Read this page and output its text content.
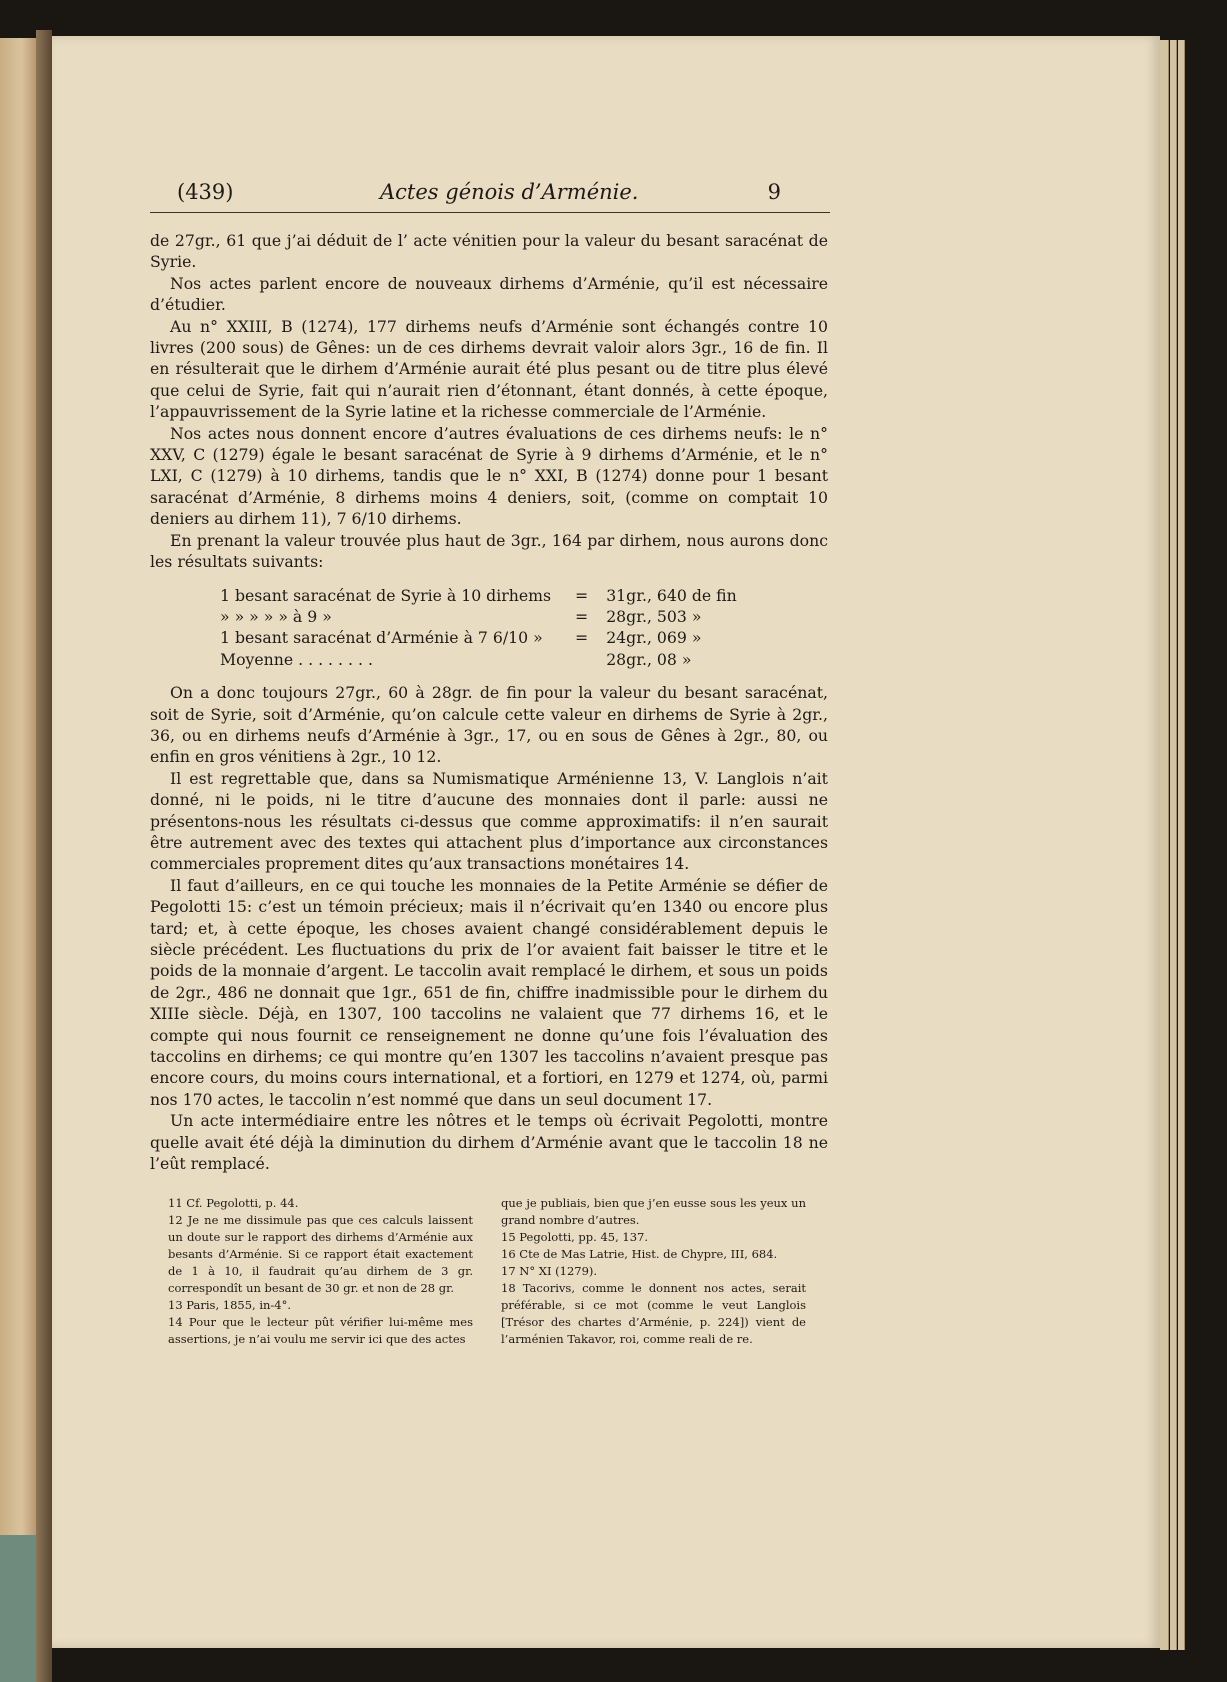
(439)	Actes génois d’Arménie.	9

de 27gr., 61 que j’ai déduit de l’ acte vénitien pour la valeur du besant saracénat de Syrie.

Nos actes parlent encore de nouveaux dirhems d’Arménie, qu’il est nécessaire d’étudier.

Au n° XXIII, B (1274), 177 dirhems neufs d’Arménie sont échangés contre 10 livres (200 sous) de Gênes: un de ces dirhems devrait valoir alors 3gr., 16 de fin. Il en résulterait que le dirhem d’Arménie aurait été plus pesant ou de titre plus élevé que celui de Syrie, fait qui n’aurait rien d’étonnant, étant donnés, à cette époque, l’appauvrissement de la Syrie latine et la richesse commerciale de l’Arménie.

Nos actes nous donnent encore d’autres évaluations de ces dirhems neufs: le n° XXV, C (1279) égale le besant saracénat de Syrie à 9 dirhems d’Arménie, et le n° LXI, C (1279) à 10 dirhems, tandis que le n° XXI, B (1274) donne pour 1 besant saracénat d’Arménie, 8 dirhems moins 4 deniers, soit, (comme on comptait 10 deniers au dirhem 11), 7 6/10 dirhems.

En prenant la valeur trouvée plus haut de 3gr., 164 par dirhem, nous aurons donc les résultats suivants:

1 besant saracénat de Syrie à 10 dirhems	=	31gr., 640 de fin
» » » » » à 9 »	=	28gr., 503 »
1 besant saracénat d’Arménie à 7 6/10 »	=	24gr., 069 »
Moyenne . . . . . . . .		28gr., 08 »

On a donc toujours 27gr., 60 à 28gr. de fin pour la valeur du besant saracénat, soit de Syrie, soit d’Arménie, qu’on calcule cette valeur en dirhems de Syrie à 2gr., 36, ou en dirhems neufs d’Arménie à 3gr., 17, ou en sous de Gênes à 2gr., 80, ou enfin en gros vénitiens à 2gr., 10 12.

Il est regrettable que, dans sa Numismatique Arménienne 13, V. Langlois n’ait donné, ni le poids, ni le titre d’aucune des monnaies dont il parle: aussi ne présentons-nous les résultats ci-dessus que comme approximatifs: il n’en saurait être autrement avec des textes qui attachent plus d’importance aux circonstances commerciales proprement dites qu’aux transactions monétaires 14.

Il faut d’ailleurs, en ce qui touche les monnaies de la Petite Arménie se défier de Pegolotti 15: c’est un témoin précieux; mais il n’écrivait qu’en 1340 ou encore plus tard; et, à cette époque, les choses avaient changé considérablement depuis le siècle précédent. Les fluctuations du prix de l’or avaient fait baisser le titre et le poids de la monnaie d’argent. Le taccolin avait remplacé le dirhem, et sous un poids de 2gr., 486 ne donnait que 1gr., 651 de fin, chiffre inadmissible pour le dirhem du XIIIe siècle. Déjà, en 1307, 100 taccolins ne valaient que 77 dirhems 16, et le compte qui nous fournit ce renseignement ne donne qu’une fois l’évaluation des taccolins en dirhems; ce qui montre qu’en 1307 les taccolins n’avaient presque pas encore cours, du moins cours international, et a fortiori, en 1279 et 1274, où, parmi nos 170 actes, le taccolin n’est nommé que dans un seul document 17.

Un acte intermédiaire entre les nôtres et le temps où écrivait Pegolotti, montre quelle avait été déjà la diminution du dirhem d’Arménie avant que le taccolin 18 ne l’eût remplacé.

11 Cf. Pegolotti, p. 44.

12 Je ne me dissimule pas que ces calculs laissent un doute sur le rapport des dirhems d’Arménie aux besants d’Arménie. Si ce rapport était exactement de 1 à 10, il faudrait qu’au dirhem de 3 gr. correspondît un besant de 30 gr. et non de 28 gr.

13 Paris, 1855, in-4°.

14 Pour que le lecteur pût vérifier lui-même mes assertions, je n’ai voulu me servir ici que des actes

que je publiais, bien que j’en eusse sous les yeux un grand nombre d’autres.

15 Pegolotti, pp. 45, 137.

16 Cte de Mas Latrie, Hist. de Chypre, III, 684.

17 N° XI (1279).

18 Tacorivs, comme le donnent nos actes, serait préférable, si ce mot (comme le veut Langlois [Trésor des chartes d’Arménie, p. 224]) vient de l’arménien Takavor, roi, comme reali de re.
